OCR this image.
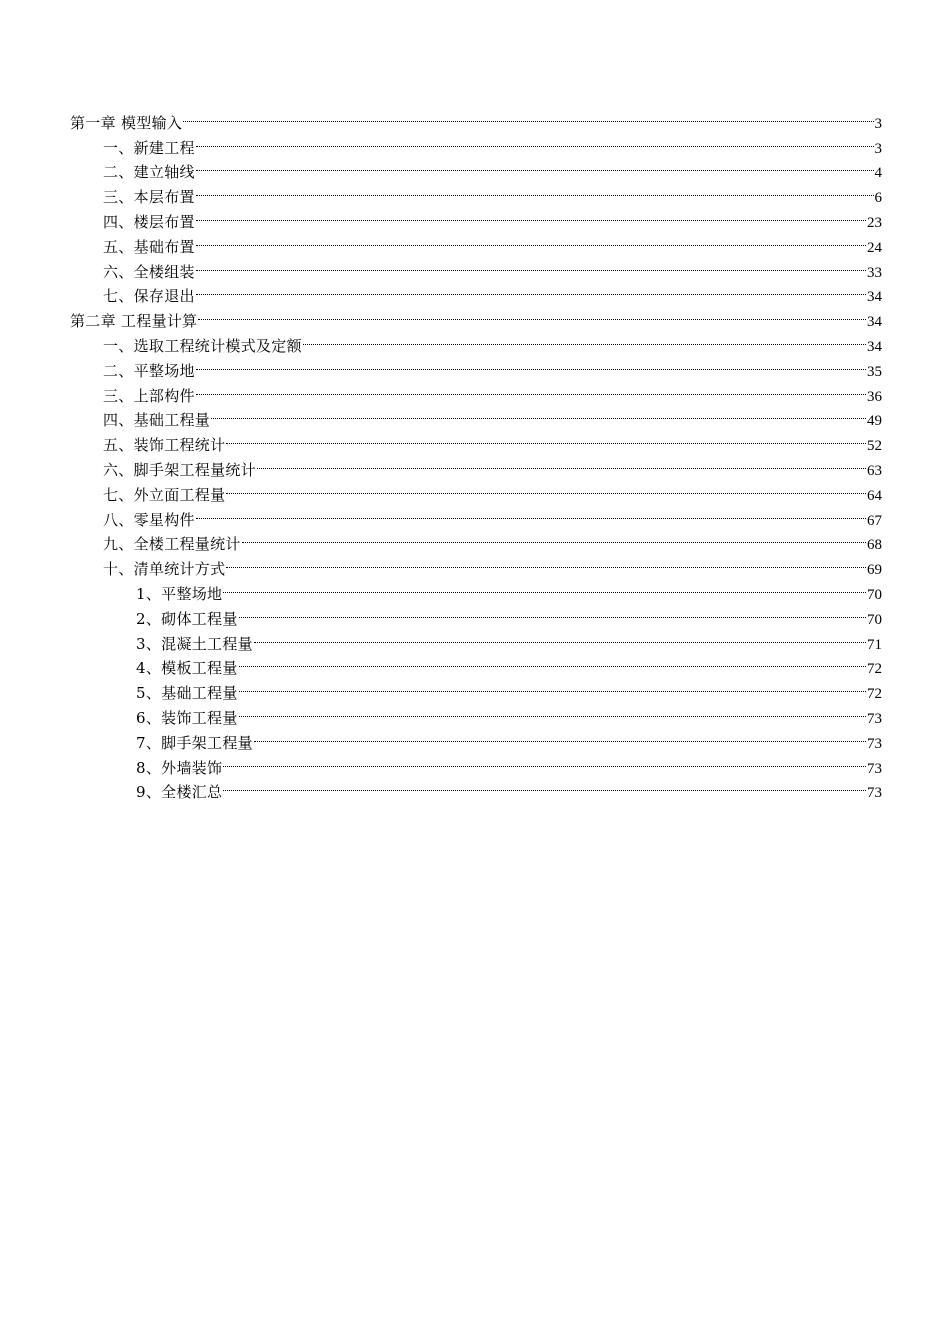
第一章 模型输入	3
一、新建工程	3
二、建立轴线	4
三、本层布置	6
四、楼层布置	23
五、基础布置	24
六、全楼组装	33
七、保存退出	34
第二章 工程量计算	34
一、选取工程统计模式及定额	34
二、平整场地	35
三、上部构件	36
四、基础工程量	49
五、装饰工程统计	52
六、脚手架工程量统计	63
七、外立面工程量	64
八、零星构件	67
九、全楼工程量统计	68
十、清单统计方式	69
1、平整场地	70
2、砌体工程量	70
3、混凝土工程量	71
4、模板工程量	72
5、基础工程量	72
6、装饰工程量	73
7、脚手架工程量	73
8、外墙装饰	73
9、全楼汇总	73
